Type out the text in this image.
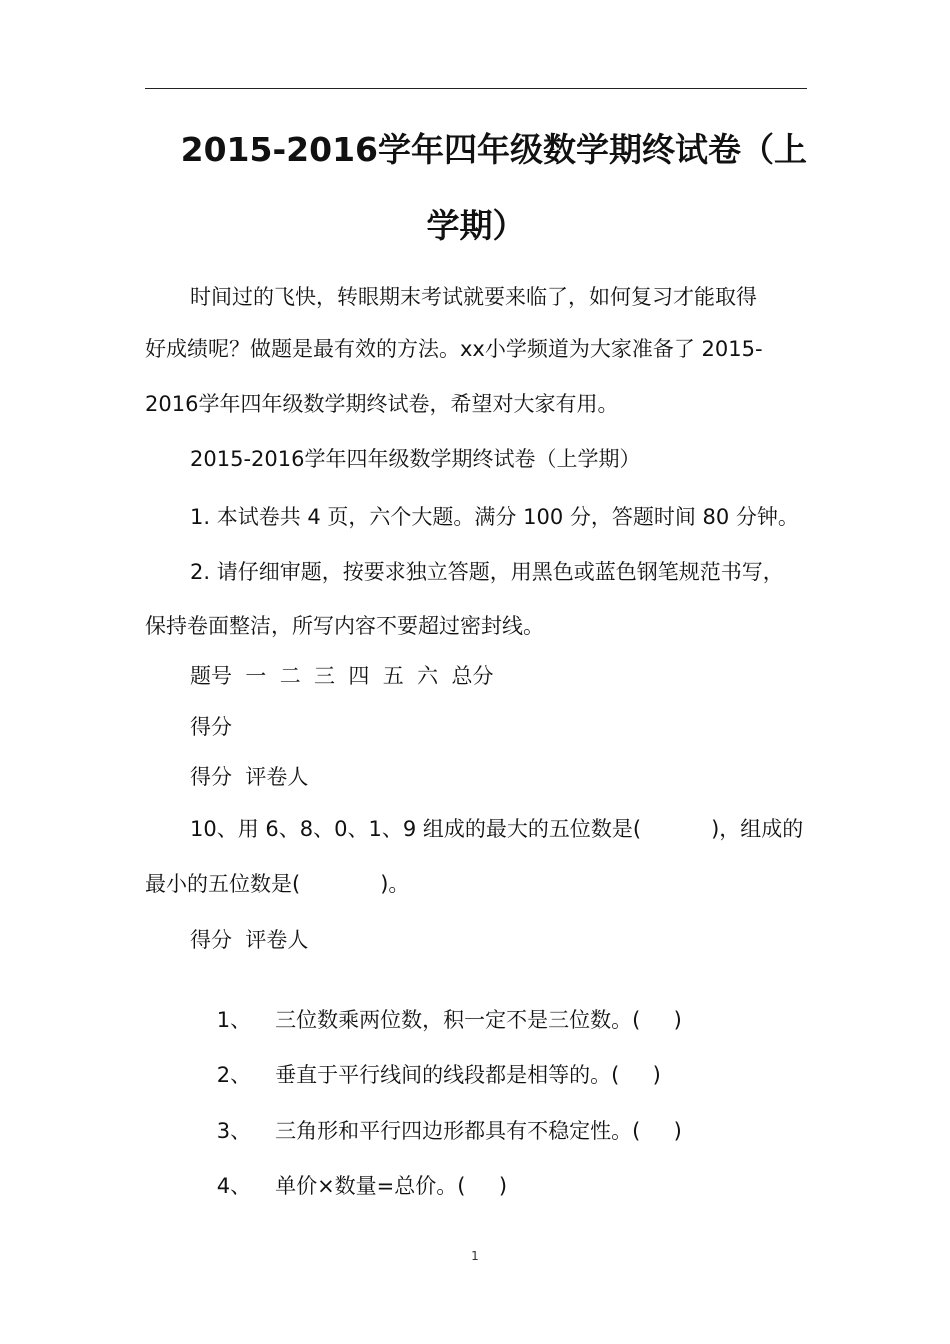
2015-2016学年四年级数学期终试卷（上
学期）
时间过的飞快，转眼期末考试就要来临了，如何复习才能取得
好成绩呢？做题是最有效的方法。xx小学频道为大家准备了 2015-
2016学年四年级数学期终试卷，希望对大家有用。
2015-2016学年四年级数学期终试卷（上学期）
1. 本试卷共 4 页，六个大题。满分 100 分，答题时间 80 分钟。
2. 请仔细审题，按要求独立答题，用黑色或蓝色钢笔规范书写，
保持卷面整洁，所写内容不要超过密封线。
题号  一  二  三  四  五  六  总分
得分
得分  评卷人
10、用 6、8、0、1、9 组成的最大的五位数是(	)，组成的
最小的五位数是(	)。
得分  评卷人

1、 三位数乘两位数，积一定不是三位数。(     )

2、 垂直于平行线间的线段都是相等的。(     )

3、 三角形和平行四边形都具有不稳定性。(     )

4、 单价×数量=总价。(     )

1
